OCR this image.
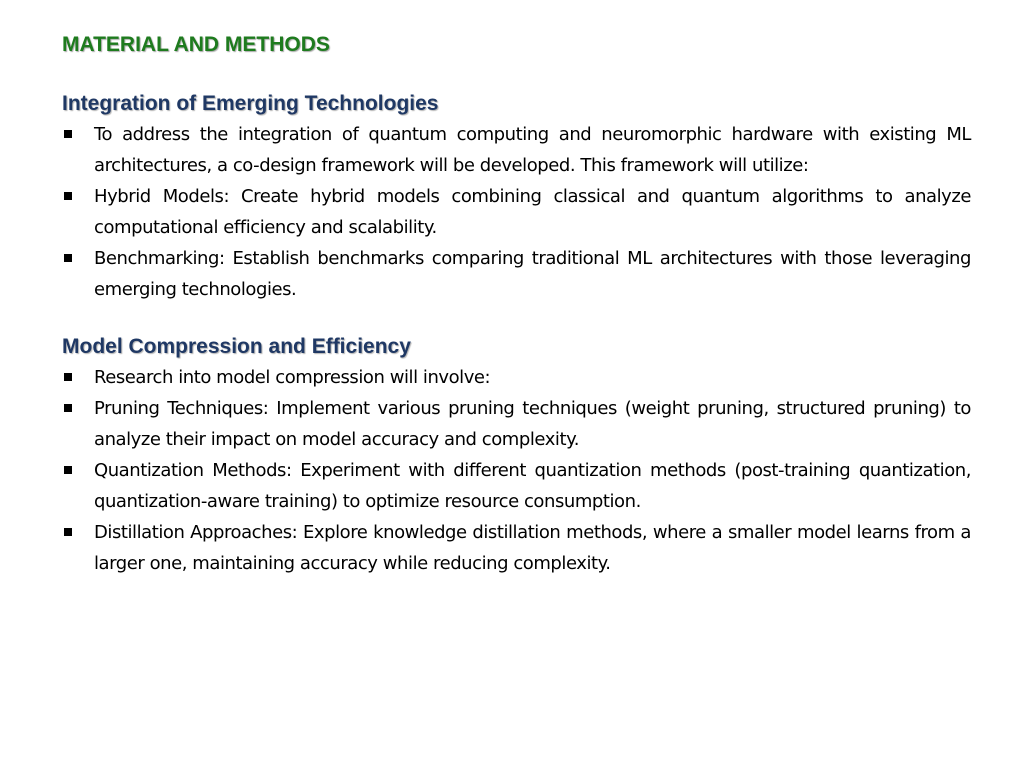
MATERIAL AND METHODS
Integration of Emerging Technologies
To address the integration of quantum computing and neuromorphic hardware with existing ML architectures, a co-design framework will be developed. This framework will utilize:
Hybrid Models: Create hybrid models combining classical and quantum algorithms to analyze computational efficiency and scalability.
Benchmarking: Establish benchmarks comparing traditional ML architectures with those leveraging emerging technologies.
Model Compression and Efficiency
Research into model compression will involve:
Pruning Techniques: Implement various pruning techniques (weight pruning, structured pruning) to analyze their impact on model accuracy and complexity.
Quantization Methods: Experiment with different quantization methods (post-training quantization, quantization-aware training) to optimize resource consumption.
Distillation Approaches: Explore knowledge distillation methods, where a smaller model learns from a larger one, maintaining accuracy while reducing complexity.
